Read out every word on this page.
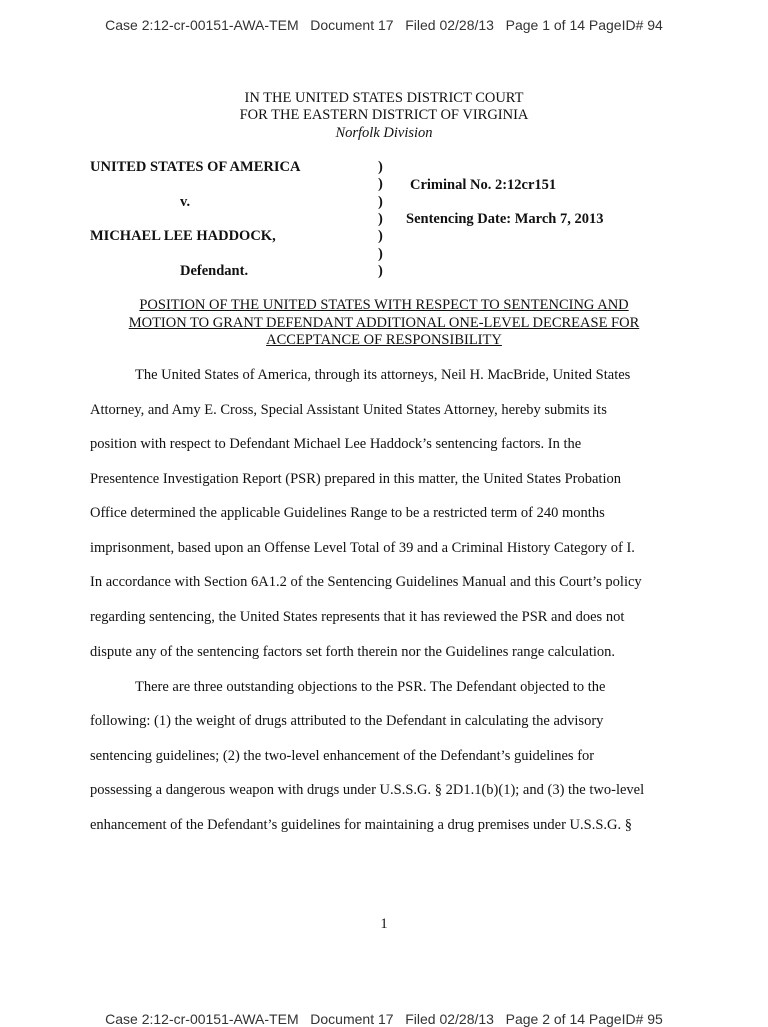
Case 2:12-cr-00151-AWA-TEM   Document 17   Filed 02/28/13   Page 1 of 14 PageID# 94
IN THE UNITED STATES DISTRICT COURT
FOR THE EASTERN DISTRICT OF VIRGINIA
Norfolk Division
UNITED STATES OF AMERICA
v.
MICHAEL LEE HADDOCK,
Defendant.
)
)
)
)
)
)
)
Criminal No. 2:12cr151
Sentencing Date: March 7, 2013
POSITION OF THE UNITED STATES WITH RESPECT TO SENTENCING AND
MOTION TO GRANT DEFENDANT ADDITIONAL ONE-LEVEL DECREASE FOR
ACCEPTANCE OF RESPONSIBILITY
The United States of America, through its attorneys, Neil H. MacBride, United States
Attorney, and Amy E. Cross, Special Assistant United States Attorney, hereby submits its
position with respect to Defendant Michael Lee Haddock’s sentencing factors. In the
Presentence Investigation Report (PSR) prepared in this matter, the United States Probation
Office determined the applicable Guidelines Range to be a restricted term of 240 months
imprisonment, based upon an Offense Level Total of 39 and a Criminal History Category of I.
In accordance with Section 6A1.2 of the Sentencing Guidelines Manual and this Court’s policy
regarding sentencing, the United States represents that it has reviewed the PSR and does not
dispute any of the sentencing factors set forth therein nor the Guidelines range calculation.
There are three outstanding objections to the PSR. The Defendant objected to the
following: (1) the weight of drugs attributed to the Defendant in calculating the advisory
sentencing guidelines; (2) the two-level enhancement of the Defendant’s guidelines for
possessing a dangerous weapon with drugs under U.S.S.G. § 2D1.1(b)(1); and (3) the two-level
enhancement of the Defendant’s guidelines for maintaining a drug premises under U.S.S.G. §
1
Case 2:12-cr-00151-AWA-TEM   Document 17   Filed 02/28/13   Page 2 of 14 PageID# 95
